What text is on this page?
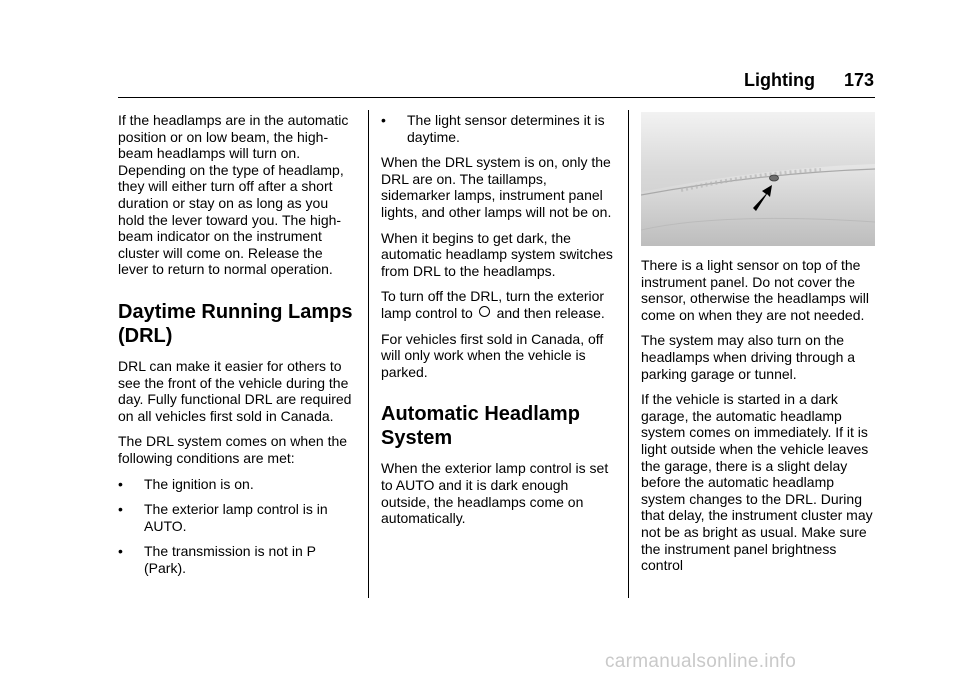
Lighting 173

If the headlamps are in the automatic position or on low beam, the high-beam headlamps will turn on. Depending on the type of headlamp, they will either turn off after a short duration or stay on as long as you hold the lever toward you. The high-beam indicator on the instrument cluster will come on. Release the lever to return to normal operation.

Daytime Running Lamps (DRL)

DRL can make it easier for others to see the front of the vehicle during the day. Fully functional DRL are required on all vehicles first sold in Canada.

The DRL system comes on when the following conditions are met:

•	The ignition is on.
•	The exterior lamp control is in AUTO.
•	The transmission is not in P (Park).
•	The light sensor determines it is daytime.

When the DRL system is on, only the DRL are on. The taillamps, sidemarker lamps, instrument panel lights, and other lamps will not be on.

When it begins to get dark, the automatic headlamp system switches from DRL to the headlamps.

To turn off the DRL, turn the exterior lamp control to and then release.

For vehicles first sold in Canada, off will only work when the vehicle is parked.

Automatic Headlamp System

When the exterior lamp control is set to AUTO and it is dark enough outside, the headlamps come on automatically.

There is a light sensor on top of the instrument panel. Do not cover the sensor, otherwise the headlamps will come on when they are not needed.

The system may also turn on the headlamps when driving through a parking garage or tunnel.

If the vehicle is started in a dark garage, the automatic headlamp system comes on immediately. If it is light outside when the vehicle leaves the garage, there is a slight delay before the automatic headlamp system changes to the DRL. During that delay, the instrument cluster may not be as bright as usual. Make sure the instrument panel brightness control

carmanualsonline.info
